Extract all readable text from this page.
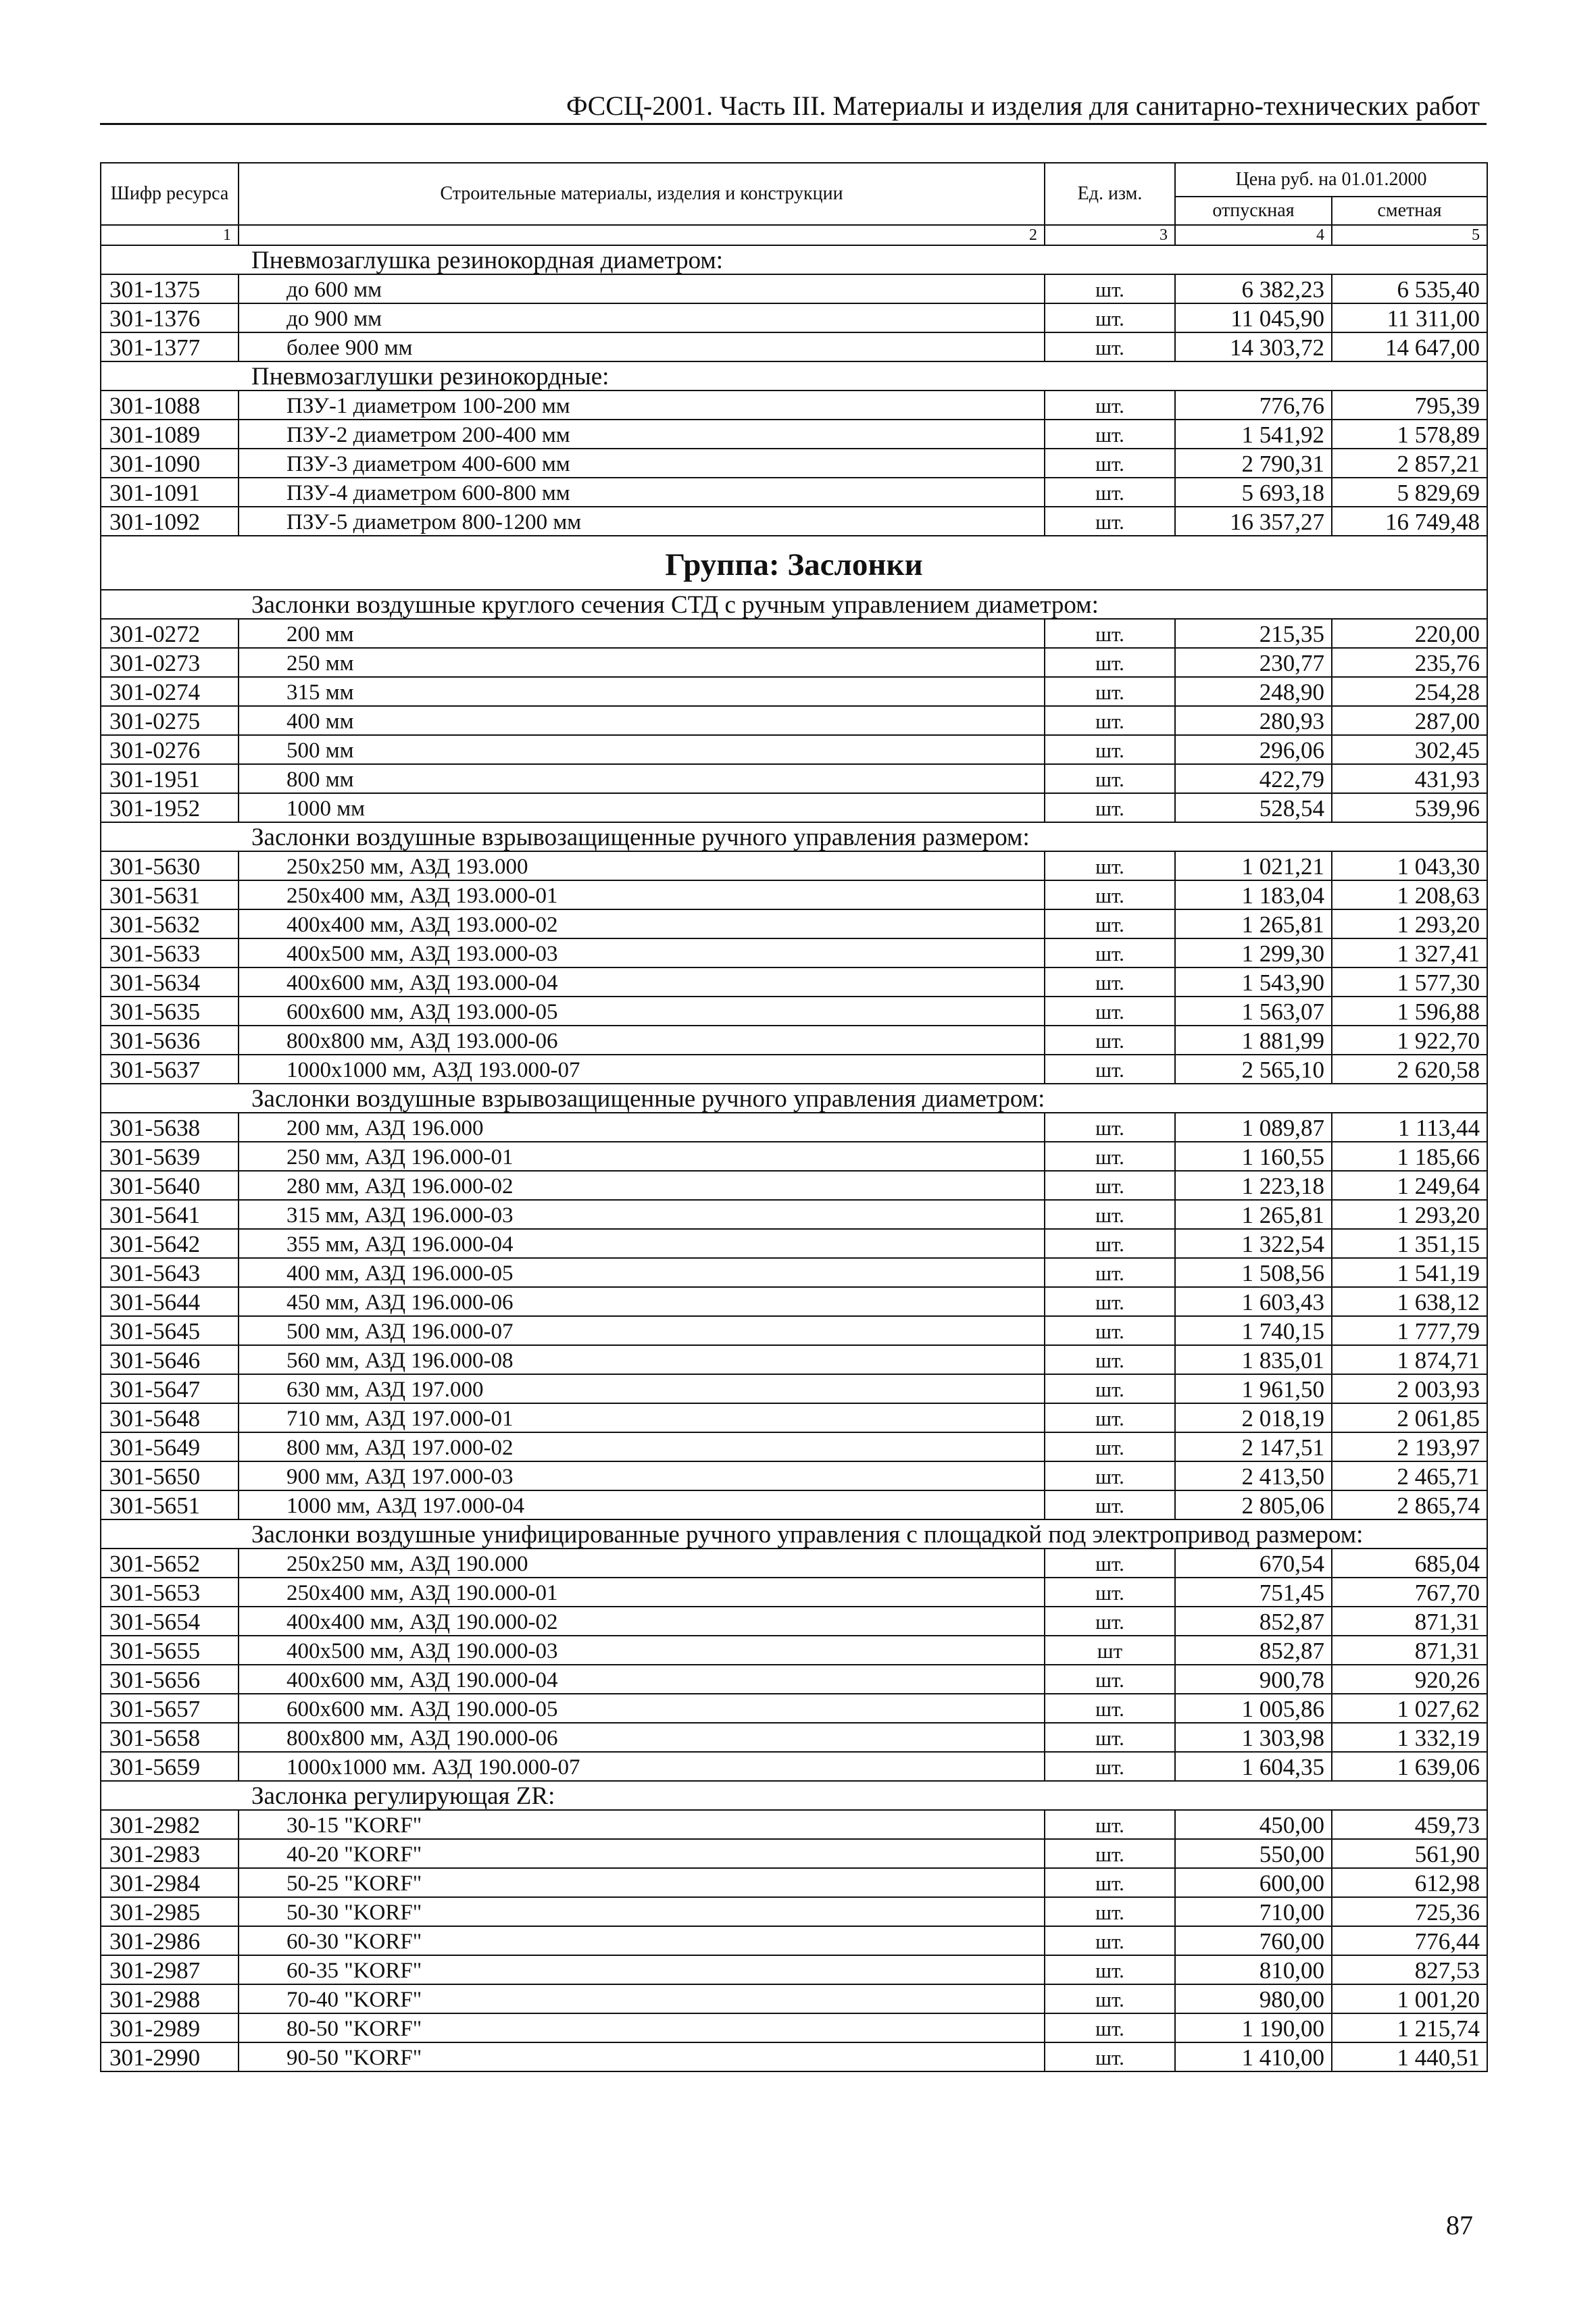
ФССЦ-2001. Часть III. Материалы и изделия для санитарно-технических работ
Шифр ресурса	Строительные материалы, изделия и конструкции	Ед. изм.	Цена руб. на 01.01.2000	
			отпускная	сметная
1	2	3	4	5
Пневмозаглушка резинокордная диаметром:				
301-1375	до 600 мм	шт.	6 382,23	6 535,40
301-1376	до 900 мм	шт.	11 045,90	11 311,00
301-1377	более 900 мм	шт.	14 303,72	14 647,00
Пневмозаглушки резинокордные:				
301-1088	ПЗУ-1 диаметром 100-200 мм	шт.	776,76	795,39
301-1089	ПЗУ-2 диаметром 200-400 мм	шт.	1 541,92	1 578,89
301-1090	ПЗУ-3 диаметром 400-600 мм	шт.	2 790,31	2 857,21
301-1091	ПЗУ-4 диаметром 600-800 мм	шт.	5 693,18	5 829,69
301-1092	ПЗУ-5 диаметром 800-1200 мм	шт.	16 357,27	16 749,48
Группа: Заслонки				
Заслонки воздушные круглого сечения СТД с ручным управлением диаметром:				
301-0272	200 мм	шт.	215,35	220,00
301-0273	250 мм	шт.	230,77	235,76
301-0274	315 мм	шт.	248,90	254,28
301-0275	400 мм	шт.	280,93	287,00
301-0276	500 мм	шт.	296,06	302,45
301-1951	800 мм	шт.	422,79	431,93
301-1952	1000 мм	шт.	528,54	539,96
Заслонки воздушные взрывозащищенные ручного управления размером:				
301-5630	250х250 мм, АЗД 193.000	шт.	1 021,21	1 043,30
301-5631	250х400 мм, АЗД 193.000-01	шт.	1 183,04	1 208,63
301-5632	400х400 мм, АЗД 193.000-02	шт.	1 265,81	1 293,20
301-5633	400х500 мм, АЗД 193.000-03	шт.	1 299,30	1 327,41
301-5634	400х600 мм, АЗД 193.000-04	шт.	1 543,90	1 577,30
301-5635	600х600 мм, АЗД 193.000-05	шт.	1 563,07	1 596,88
301-5636	800х800 мм, АЗД 193.000-06	шт.	1 881,99	1 922,70
301-5637	1000х1000 мм, АЗД 193.000-07	шт.	2 565,10	2 620,58
Заслонки воздушные взрывозащищенные ручного управления диаметром:				
301-5638	200 мм, АЗД 196.000	шт.	1 089,87	1 113,44
301-5639	250 мм, АЗД 196.000-01	шт.	1 160,55	1 185,66
301-5640	280 мм, АЗД 196.000-02	шт.	1 223,18	1 249,64
301-5641	315 мм, АЗД 196.000-03	шт.	1 265,81	1 293,20
301-5642	355 мм, АЗД 196.000-04	шт.	1 322,54	1 351,15
301-5643	400 мм, АЗД 196.000-05	шт.	1 508,56	1 541,19
301-5644	450 мм, АЗД 196.000-06	шт.	1 603,43	1 638,12
301-5645	500 мм, АЗД 196.000-07	шт.	1 740,15	1 777,79
301-5646	560 мм, АЗД 196.000-08	шт.	1 835,01	1 874,71
301-5647	630 мм, АЗД 197.000	шт.	1 961,50	2 003,93
301-5648	710 мм, АЗД 197.000-01	шт.	2 018,19	2 061,85
301-5649	800 мм, АЗД 197.000-02	шт.	2 147,51	2 193,97
301-5650	900 мм, АЗД 197.000-03	шт.	2 413,50	2 465,71
301-5651	1000 мм, АЗД 197.000-04	шт.	2 805,06	2 865,74
Заслонки воздушные унифицированные ручного управления с площадкой под электропривод размером:				
301-5652	250х250 мм, АЗД 190.000	шт.	670,54	685,04
301-5653	250х400 мм, АЗД 190.000-01	шт.	751,45	767,70
301-5654	400х400 мм, АЗД 190.000-02	шт.	852,87	871,31
301-5655	400х500 мм, АЗД 190.000-03	шт	852,87	871,31
301-5656	400х600 мм, АЗД 190.000-04	шт.	900,78	920,26
301-5657	600х600 мм. АЗД 190.000-05	шт.	1 005,86	1 027,62
301-5658	800х800 мм, АЗД 190.000-06	шт.	1 303,98	1 332,19
301-5659	1000х1000 мм. АЗД 190.000-07	шт.	1 604,35	1 639,06
Заслонка регулирующая ZR:				
301-2982	30-15 "KORF"	шт.	450,00	459,73
301-2983	40-20 "KORF"	шт.	550,00	561,90
301-2984	50-25 "KORF"	шт.	600,00	612,98
301-2985	50-30 "KORF"	шт.	710,00	725,36
301-2986	60-30 "KORF"	шт.	760,00	776,44
301-2987	60-35 "KORF"	шт.	810,00	827,53
301-2988	70-40 "KORF"	шт.	980,00	1 001,20
301-2989	80-50 "KORF"	шт.	1 190,00	1 215,74
301-2990	90-50 "KORF"	шт.	1 410,00	1 440,51
87
